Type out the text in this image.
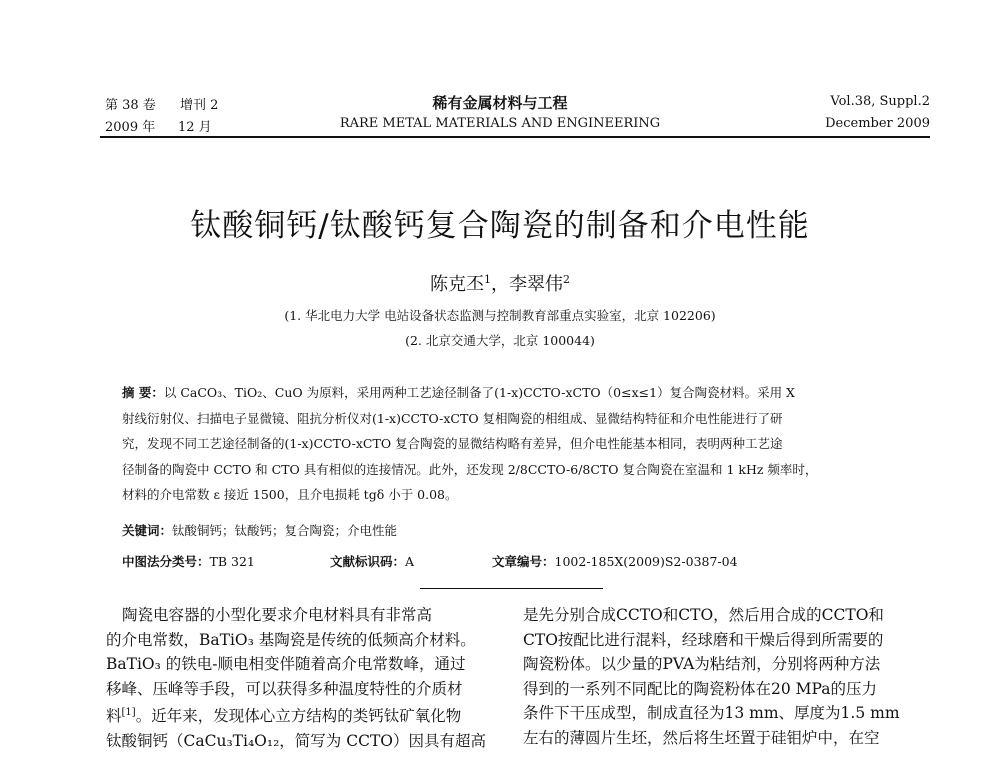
第 38 卷 增刊 2
2009 年 12 月
稀有金属材料与工程
RARE METAL MATERIALS AND ENGINEERING
Vol.38, Suppl.2
December 2009
钛酸铜钙/钛酸钙复合陶瓷的制备和介电性能
陈克丕$^1$，李翠伟$^2$
(1. 华北电力大学 电站设备状态监测与控制教育部重点实验室，北京 102206)
(2. 北京交通大学，北京 100044)
摘 要：以 CaCO₃、TiO₂、CuO 为原料，采用两种工艺途径制备了(1-x)CCTO-xCTO（0≤x≤1）复合陶瓷材料。采用 X
射线衍射仪、扫描电子显微镜、阻抗分析仪对(1-x)CCTO-xCTO 复相陶瓷的相组成、显微结构特征和介电性能进行了研
究，发现不同工艺途径制备的(1-x)CCTO-xCTO 复合陶瓷的显微结构略有差异，但介电性能基本相同，表明两种工艺途
径制备的陶瓷中 CCTO 和 CTO 具有相似的连接情况。此外，还发现 2/8CCTO-6/8CTO 复合陶瓷在室温和 1 kHz 频率时，
材料的介电常数 ε 接近 1500，且介电损耗 tgδ 小于 0.08。
关键词：钛酸铜钙；钛酸钙；复合陶瓷；介电性能
中图法分类号：TB 321	文献标识码：A	文章编号：1002-185X(2009)S2-0387-04
陶瓷电容器的小型化要求介电材料具有非常高
的介电常数，BaTiO₃ 基陶瓷是传统的低频高介材料。
BaTiO₃ 的铁电-顺电相变伴随着高介电常数峰，通过
移峰、压峰等手段，可以获得多种温度特性的介质材
料[1]。近年来，发现体心立方结构的类钙钛矿氧化物
钛酸铜钙（CaCu₃Ti₄O₁₂，简写为 CCTO）因具有超高
是先分别合成CCTO和CTO，然后用合成的CCTO和
CTO按配比进行混料，经球磨和干燥后得到所需要的
陶瓷粉体。以少量的PVA为粘结剂，分别将两种方法
得到的一系列不同配比的陶瓷粉体在20 MPa的压力
条件下干压成型，制成直径为13 mm、厚度为1.5 mm
左右的薄圆片生坯，然后将生坯置于硅钼炉中，在空
